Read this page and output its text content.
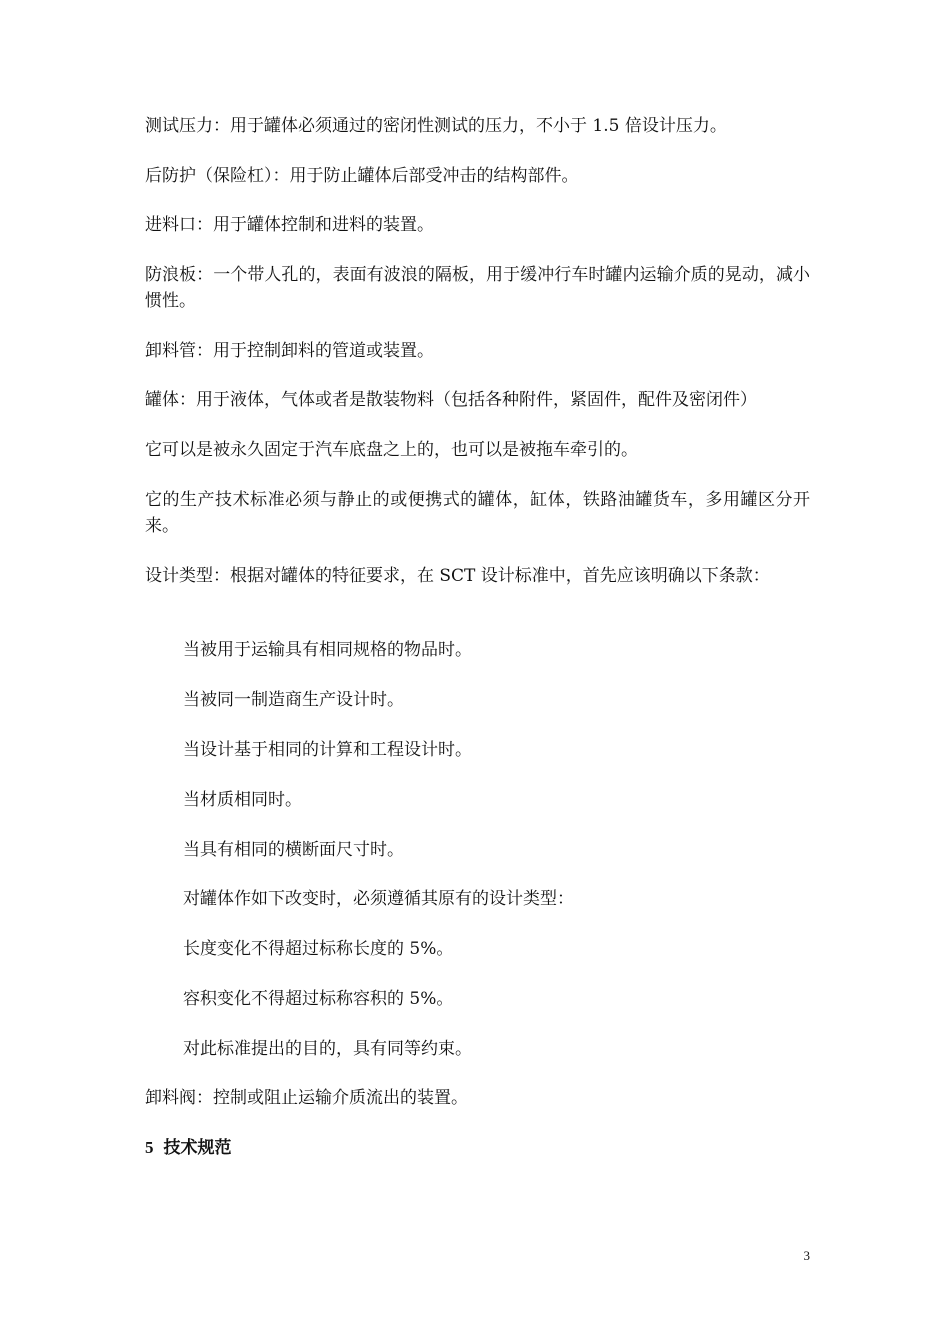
测试压力：用于罐体必须通过的密闭性测试的压力，不小于 1.5 倍设计压力。

后防护（保险杠）：用于防止罐体后部受冲击的结构部件。

进料口：用于罐体控制和进料的装置。

防浪板：一个带人孔的，表面有波浪的隔板，用于缓冲行车时罐内运输介质的晃动，减小惯性。

卸料管：用于控制卸料的管道或装置。

罐体：用于液体，气体或者是散装物料（包括各种附件，紧固件，配件及密闭件）

它可以是被永久固定于汽车底盘之上的，也可以是被拖车牵引的。

它的生产技术标准必须与静止的或便携式的罐体，缸体，铁路油罐货车，多用罐区分开来。

设计类型：根据对罐体的特征要求，在 SCT 设计标准中，首先应该明确以下条款：

当被用于运输具有相同规格的物品时。

当被同一制造商生产设计时。

当设计基于相同的计算和工程设计时。

当材质相同时。

当具有相同的横断面尺寸时。

对罐体作如下改变时，必须遵循其原有的设计类型：

长度变化不得超过标称长度的 5%。

容积变化不得超过标称容积的 5%。

对此标准提出的目的，具有同等约束。

卸料阀：控制或阻止运输介质流出的装置。

5 技术规范

3
